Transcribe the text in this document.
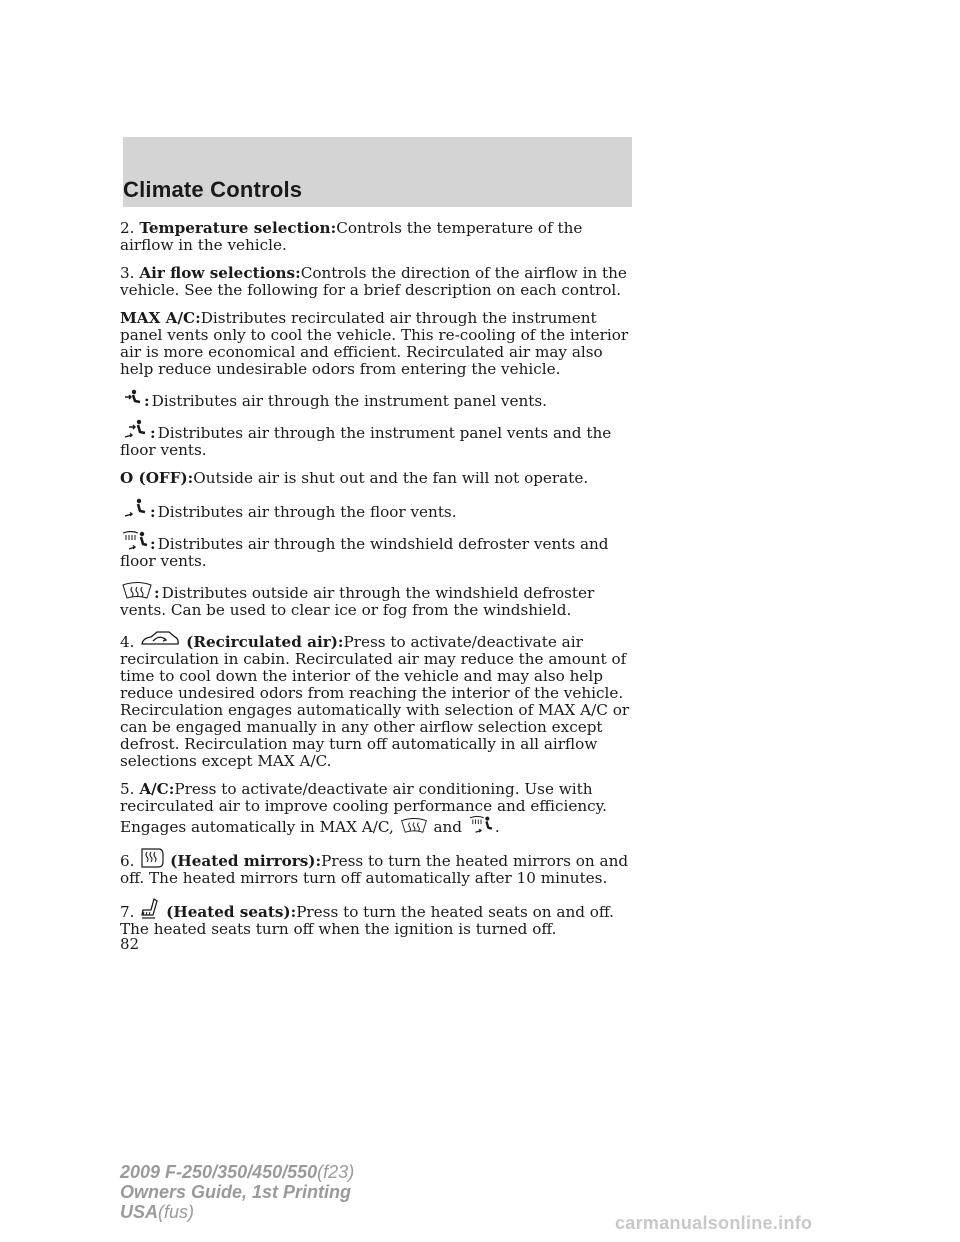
Climate Controls

2. Temperature selection:Controls the temperature of the airflow in the vehicle.

3. Air flow selections:Controls the direction of the airflow in the vehicle. See the following for a brief description on each control.

MAX A/C:Distributes recirculated air through the instrument panel vents only to cool the vehicle. This re-cooling of the interior air is more economical and efficient. Recirculated air may also help reduce undesirable odors from entering the vehicle.

: Distributes air through the instrument panel vents.

: Distributes air through the instrument panel vents and the floor vents.

O (OFF):Outside air is shut out and the fan will not operate.

: Distributes air through the floor vents.

: Distributes air through the windshield defroster vents and floor vents.

: Distributes outside air through the windshield defroster vents. Can be used to clear ice or fog from the windshield.

4.	(Recirculated air):Press to activate/deactivate air recirculation in cabin. Recirculated air may reduce the amount of time to cool down the interior of the vehicle and may also help reduce undesired odors from reaching the interior of the vehicle. Recirculation engages automatically with selection of MAX A/C or can be engaged manually in any other airflow selection except defrost. Recirculation may turn off automatically in all airflow selections except MAX A/C.

5. A/C:Press to activate/deactivate air conditioning. Use with recirculated air to improve cooling performance and efficiency. Engages automatically in MAX A/C,	and .

6. (Heated mirrors):Press to turn the heated mirrors on and off. The heated mirrors turn off automatically after 10 minutes.

7. (Heated seats):Press to turn the heated seats on and off. The heated seats turn off when the ignition is turned off.

82
2009 F-250/350/450/550(f23)
Owners Guide, 1st Printing
USA(fus)
carmanualsonline.info
